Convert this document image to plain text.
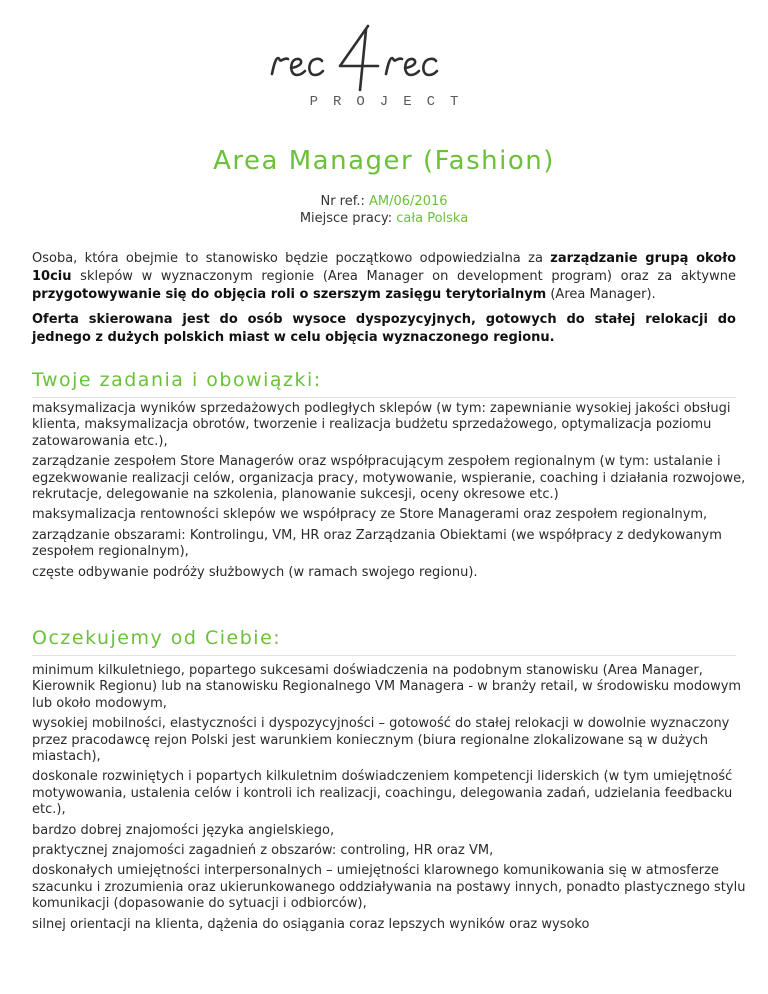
PROJECT
Area Manager (Fashion)
Nr ref.: AM/06/2016
Miejsce pracy: cała Polska

Osoba, która obejmie to stanowisko będzie początkowo odpowiedzialna za zarządzanie grupą około 10ciu sklepów w wyznaczonym regionie (Area Manager on development program) oraz za aktywne przygotowywanie się do objęcia roli o szerszym zasięgu terytorialnym (Area Manager).

Oferta skierowana jest do osób wysoce dyspozycyjnych, gotowych do stałej relokacji do jednego z dużych polskich miast w celu objęcia wyznaczonego regionu.

Twoje zadania i obowiązki:
maksymalizacja wyników sprzedażowych podległych sklepów (w tym: zapewnianie wysokiej jakości obsługi klienta, maksymalizacja obrotów, tworzenie i realizacja budżetu sprzedażowego, optymalizacja poziomu zatowarowania etc.),
zarządzanie zespołem Store Managerów oraz współpracującym zespołem regionalnym (w tym: ustalanie i egzekwowanie realizacji celów, organizacja pracy, motywowanie, wspieranie, coaching i działania rozwojowe, rekrutacje, delegowanie na szkolenia, planowanie sukcesji, oceny okresowe etc.)
maksymalizacja rentowności sklepów we współpracy ze Store Managerami oraz zespołem regionalnym,
zarządzanie obszarami: Kontrolingu, VM, HR oraz Zarządzania Obiektami (we współpracy z dedykowanym zespołem regionalnym),
częste odbywanie podróży służbowych (w ramach swojego regionu).
Oczekujemy od Ciebie:
minimum kilkuletniego, popartego sukcesami doświadczenia na podobnym stanowisku (Area Manager, Kierownik Regionu) lub na stanowisku Regionalnego VM Managera - w branży retail, w środowisku modowym lub około modowym,
wysokiej mobilności, elastyczności i dyspozycyjności – gotowość do stałej relokacji w dowolnie wyznaczony przez pracodawcę rejon Polski jest warunkiem koniecznym (biura regionalne zlokalizowane są w dużych miastach),
doskonale rozwiniętych i popartych kilkuletnim doświadczeniem kompetencji liderskich (w tym umiejętność motywowania, ustalenia celów i kontroli ich realizacji, coachingu, delegowania zadań, udzielania feedbacku etc.),
bardzo dobrej znajomości języka angielskiego,
praktycznej znajomości zagadnień z obszarów: controling, HR oraz VM,
doskonałych umiejętności interpersonalnych – umiejętności klarownego komunikowania się w atmosferze szacunku i zrozumienia oraz ukierunkowanego oddziaływania na postawy innych, ponadto plastycznego stylu komunikacji (dopasowanie do sytuacji i odbiorców),
silnej orientacji na klienta, dążenia do osiągania coraz lepszych wyników oraz wysoko
